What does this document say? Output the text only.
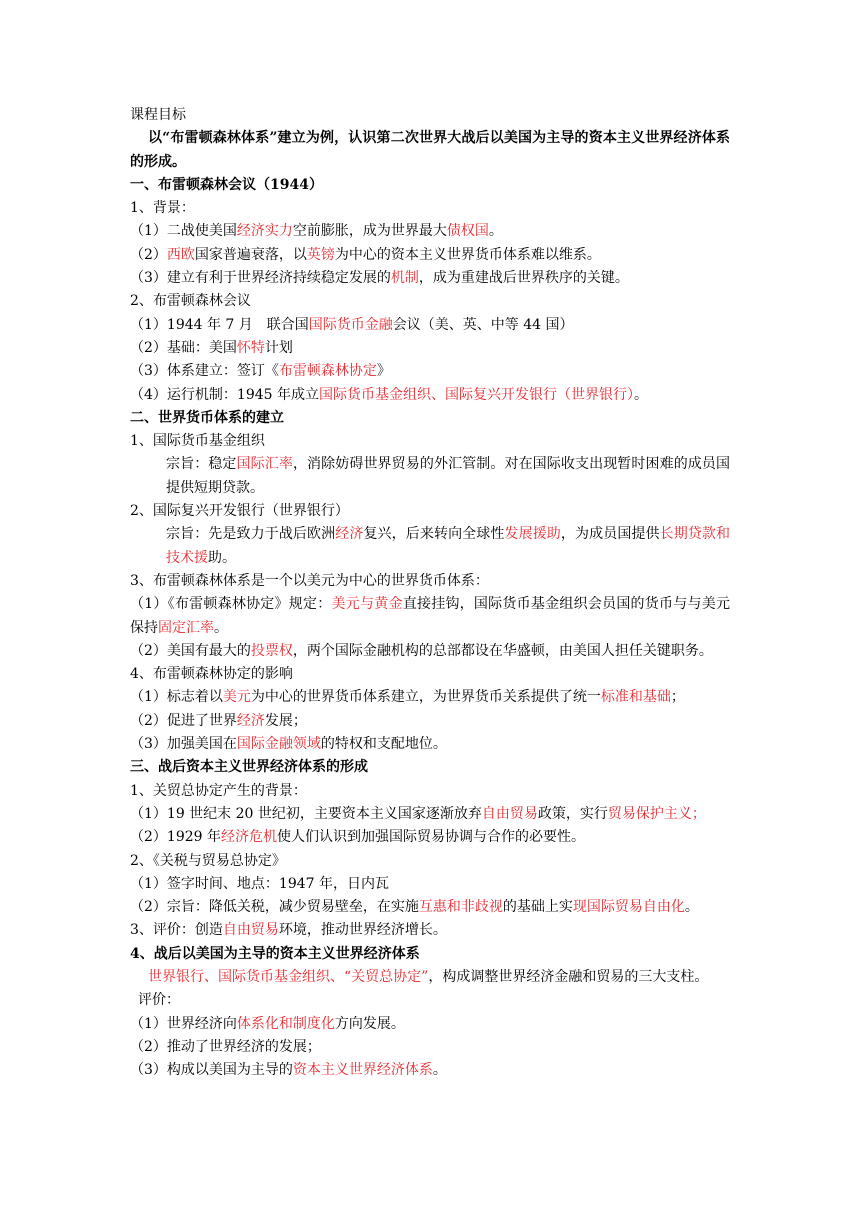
课程目标
以“布雷顿森林体系”建立为例，认识第二次世界大战后以美国为主导的资本主义世界经济体系的形成。
一、布雷顿森林会议（1944）
1、背景：
（1）二战使美国经济实力空前膨胀，成为世界最大债权国。
（2）西欧国家普遍衰落，以英镑为中心的资本主义世界货币体系难以维系。
（3）建立有利于世界经济持续稳定发展的机制，成为重建战后世界秩序的关键。
2、布雷顿森林会议
（1）1944 年 7 月　联合国国际货币金融会议（美、英、中等 44 国）
（2）基础：美国怀特计划
（3）体系建立：签订《布雷顿森林协定》
（4）运行机制：1945 年成立国际货币基金组织、国际复兴开发银行（世界银行）。
二、世界货币体系的建立
1、国际货币基金组织
宗旨：稳定国际汇率，消除妨碍世界贸易的外汇管制。对在国际收支出现暂时困难的成员国提供短期贷款。
2、国际复兴开发银行（世界银行）
宗旨：先是致力于战后欧洲经济复兴，后来转向全球性发展援助，为成员国提供长期贷款和技术援助。
3、布雷顿森林体系是一个以美元为中心的世界货币体系：
（1）《布雷顿森林协定》规定：美元与黄金直接挂钩，国际货币基金组织会员国的货币与与美元保持固定汇率。
（2）美国有最大的投票权，两个国际金融机构的总部都设在华盛顿，由美国人担任关键职务。
4、布雷顿森林协定的影响
（1）标志着以美元为中心的世界货币体系建立，为世界货币关系提供了统一标准和基础；
（2）促进了世界经济发展；
（3）加强美国在国际金融领域的特权和支配地位。
三、战后资本主义世界经济体系的形成
1、关贸总协定产生的背景：
（1）19 世纪末 20 世纪初，主要资本主义国家逐渐放弃自由贸易政策，实行贸易保护主义；
（2）1929 年经济危机使人们认识到加强国际贸易协调与合作的必要性。
2、《关税与贸易总协定》
（1）签字时间、地点：1947 年，日内瓦
（2）宗旨：降低关税，减少贸易壁垒，在实施互惠和非歧视的基础上实现国际贸易自由化。
3、评价：创造自由贸易环境，推动世界经济增长。
4、战后以美国为主导的资本主义世界经济体系
世界银行、国际货币基金组织、“关贸总协定”，构成调整世界经济金融和贸易的三大支柱。
评价：
（1）世界经济向体系化和制度化方向发展。
（2）推动了世界经济的发展；
（3）构成以美国为主导的资本主义世界经济体系。
